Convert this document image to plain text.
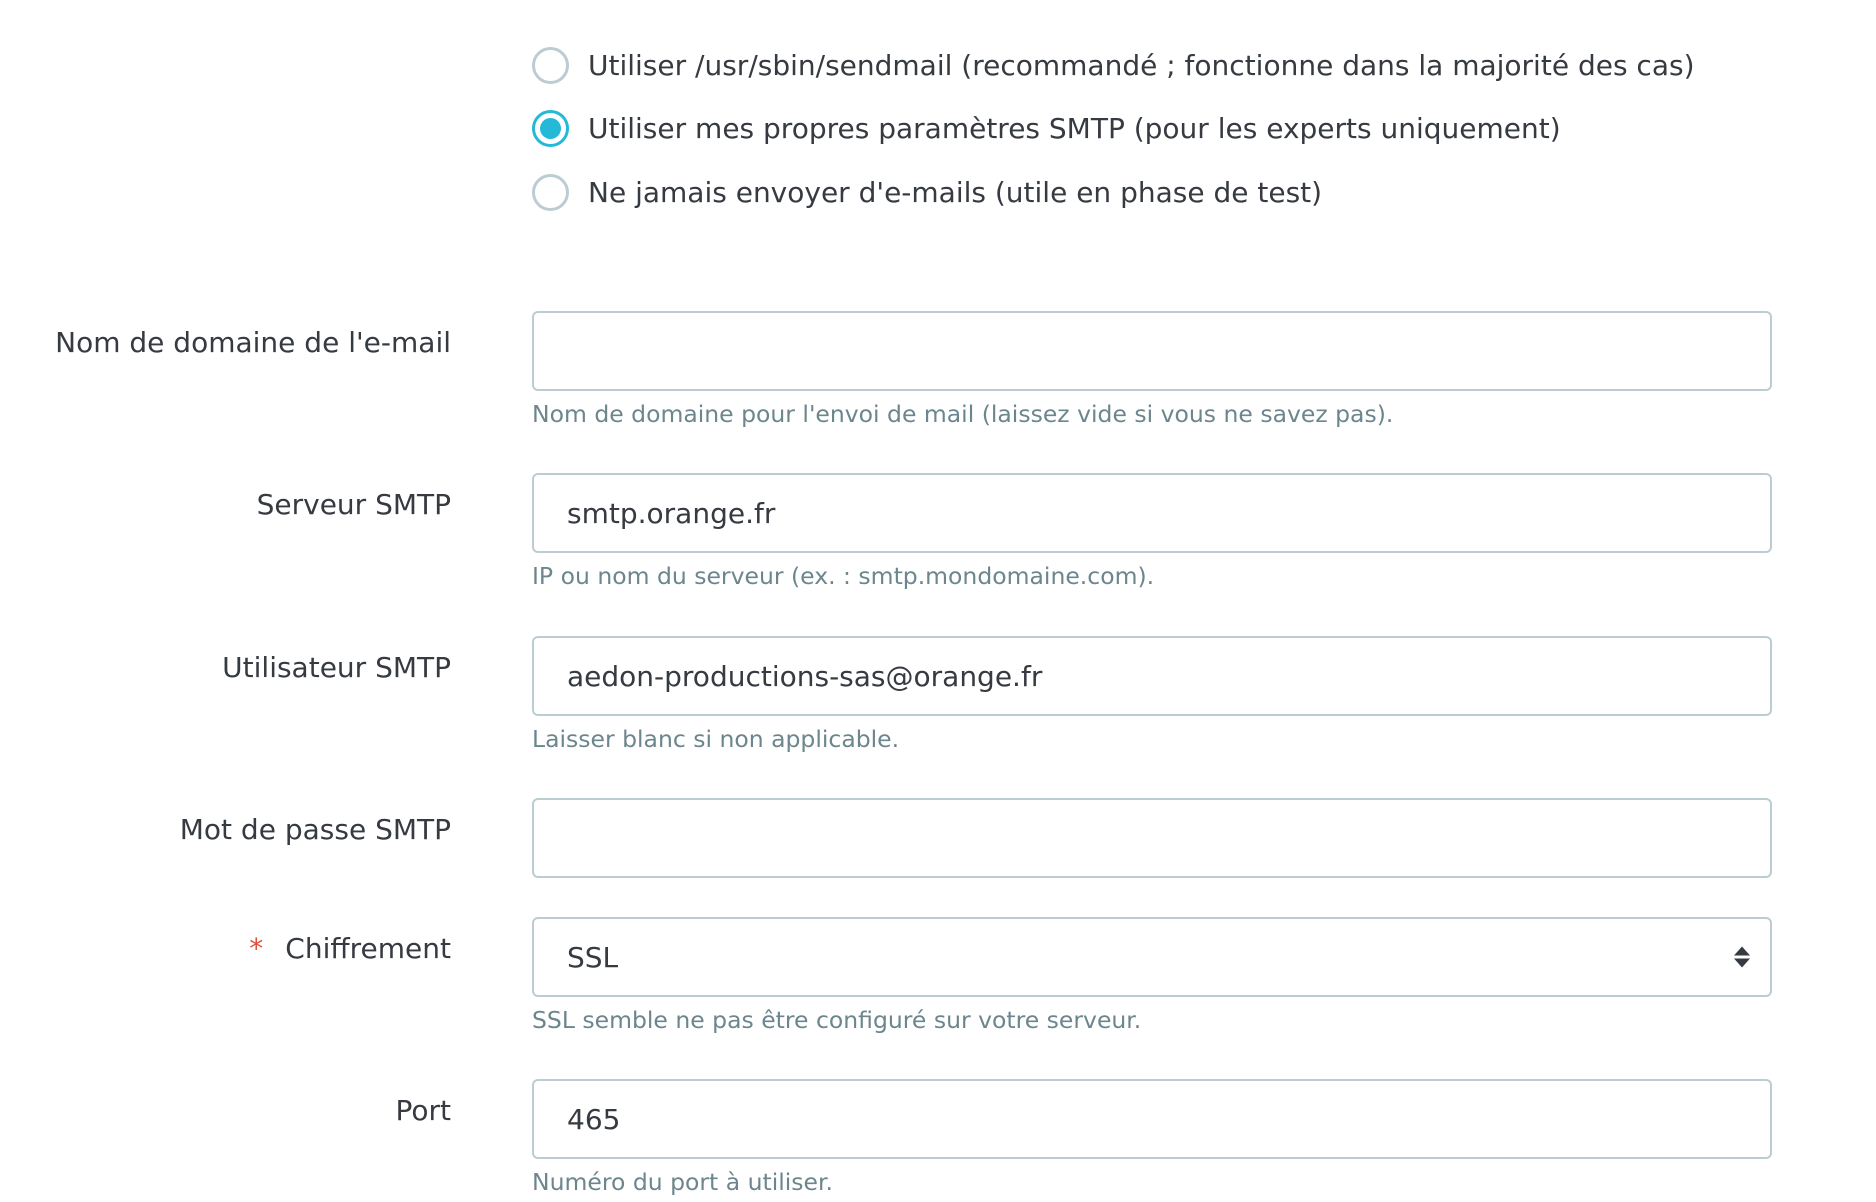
Utiliser /usr/sbin/sendmail (recommandé ; fonctionne dans la majorité des cas)
Utiliser mes propres paramètres SMTP (pour les experts uniquement)
Ne jamais envoyer d'e-mails (utile en phase de test)
Nom de domaine de l'e-mail
Nom de domaine pour l'envoi de mail (laissez vide si vous ne savez pas).
Serveur SMTP
smtp.orange.fr
IP ou nom du serveur (ex. : smtp.mondomaine.com).
Utilisateur SMTP
aedon-productions-sas@orange.fr
Laisser blanc si non applicable.
Mot de passe SMTP
* Chiffrement	SSL
SSL semble ne pas être configuré sur votre serveur.
Port
465
Numéro du port à utiliser.
